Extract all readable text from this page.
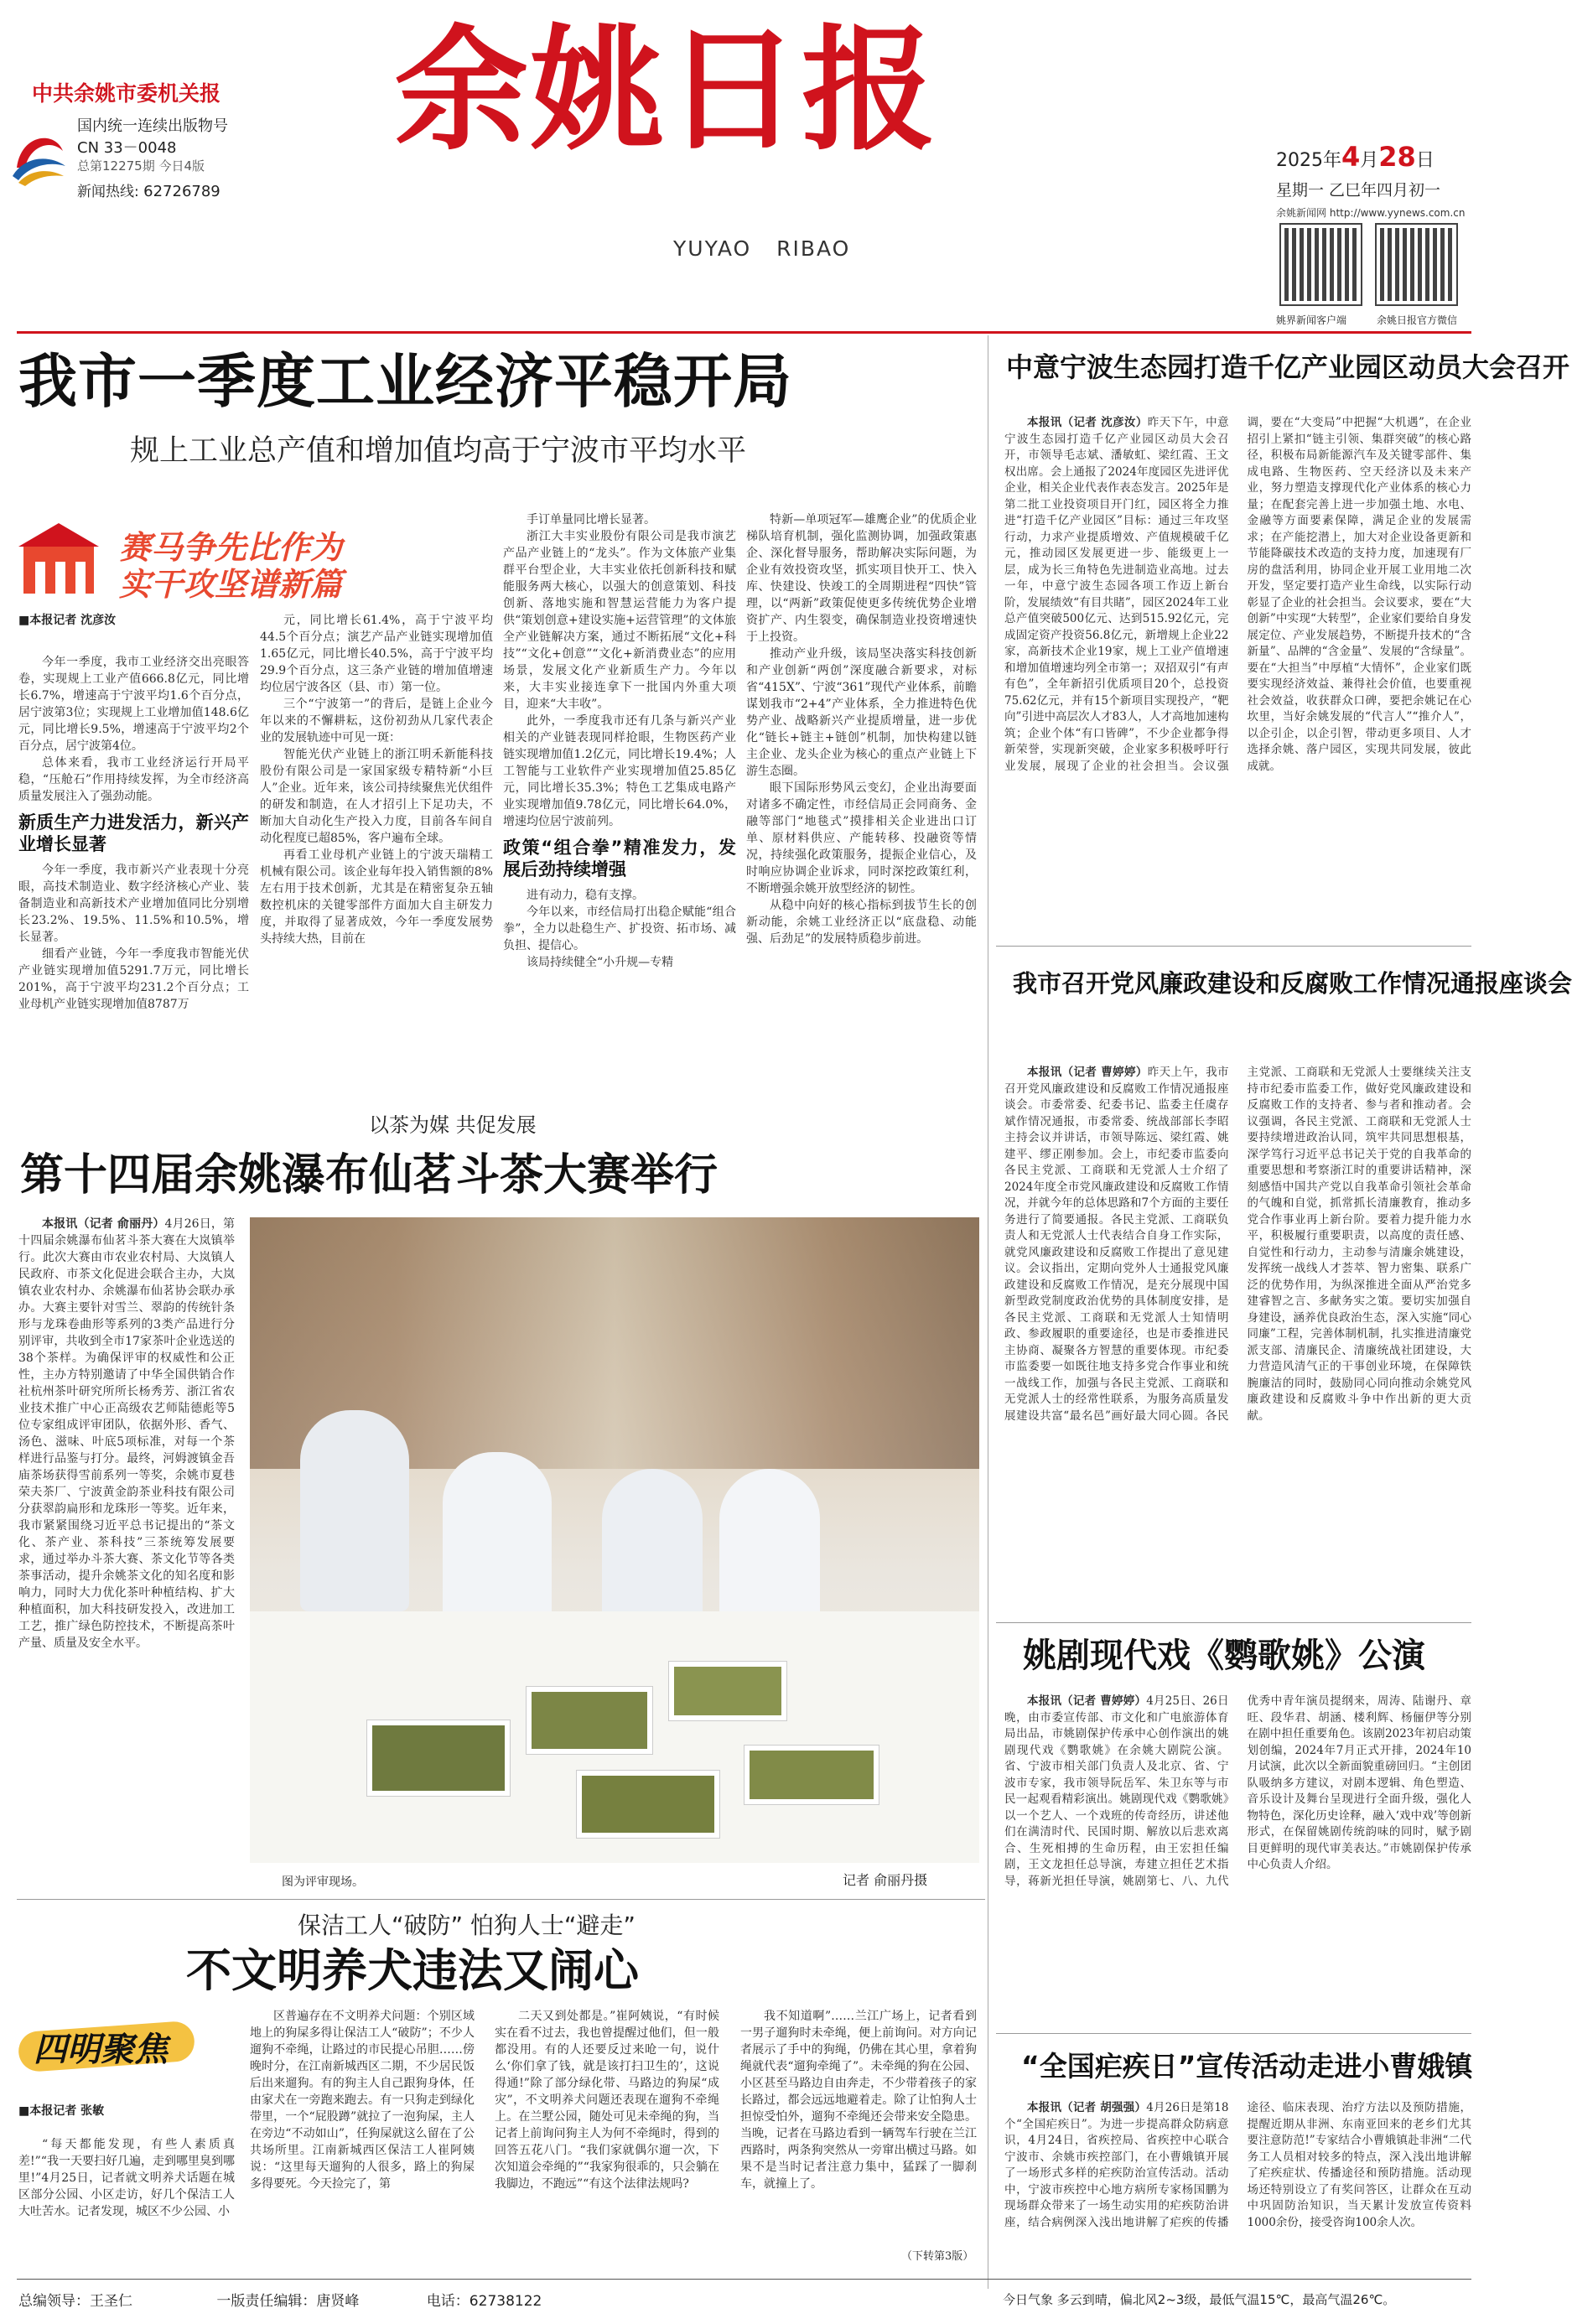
中共余姚市委机关报
国内统一连续出版物号
CN 33－0048
总第12275期 今日4版
新闻热线: 62726789
余姚日报
YUYAO   RIBAO
2025年4月28日
星期一 乙巳年四月初一
余姚新闻网 http://www.yynews.com.cn
姚界新闻客户端	余姚日报官方微信
我市一季度工业经济平稳开局
规上工业总产值和增加值均高于宁波市平均水平
赛马争先比作为
实干攻坚谱新篇
■本报记者 沈彦汝

今年一季度，我市工业经济交出亮眼答卷，实现规上工业产值666.8亿元，同比增长6.7%，增速高于宁波平均1.6个百分点，居宁波第3位；实现规上工业增加值148.6亿元，同比增长9.5%，增速高于宁波平均2个百分点，居宁波第4位。

总体来看，我市工业经济运行开局平稳，“压舱石”作用持续发挥，为全市经济高质量发展注入了强劲动能。

新质生产力进发活力，新兴产业增长显著

今年一季度，我市新兴产业表现十分亮眼，高技术制造业、数字经济核心产业、装备制造业和高新技术产业增加值同比分别增长23.2%、19.5%、11.5%和10.5%，增长显著。

细看产业链，今年一季度我市智能光伏产业链实现增加值5291.7万元，同比增长201%，高于宁波平均231.2个百分点；工业母机产业链实现增加值8787万

元，同比增长61.4%，高于宁波平均44.5个百分点；演艺产品产业链实现增加值1.65亿元，同比增长40.5%，高于宁波平均29.9个百分点，这三条产业链的增加值增速均位居宁波各区（县、市）第一位。

三个“宁波第一”的背后，是链上企业今年以来的不懈耕耘，这份初劲从几家代表企业的发展轨迹中可见一斑：

智能光伏产业链上的浙江明禾新能科技股份有限公司是一家国家级专精特新“小巨人”企业。近年来，该公司持续聚焦光伏组件的研发和制造，在人才招引上下足功夫，不断加大自动化生产投入力度，目前各车间自动化程度已超85%，客户遍布全球。

再看工业母机产业链上的宁波天瑞精工机械有限公司。该企业每年投入销售额的8%左右用于技术创新，尤其是在精密复杂五轴数控机床的关键零部件方面加大自主研发力度，并取得了显著成效，今年一季度发展势头持续大热，目前在

手订单量同比增长显著。

浙江大丰实业股份有限公司是我市演艺产品产业链上的“龙头”。作为文体旅产业集群平台型企业，大丰实业依托创新科技和赋能服务两大核心，以强大的创意策划、科技创新、落地实施和智慧运营能力为客户提供“策划创意+建设实施+运营管理”的文体旅全产业链解决方案，通过不断拓展“文化+科技”“文化+创意”“文化+新消费业态”的应用场景，发展文化产业新质生产力。今年以来，大丰实业接连拿下一批国内外重大项目，迎来“大丰收”。

此外，一季度我市还有几条与新兴产业相关的产业链表现同样抢眼，生物医药产业链实现增加值1.2亿元，同比增长19.4%；人工智能与工业软件产业实现增加值25.85亿元，同比增长35.3%；特色工艺集成电路产业实现增加值9.78亿元，同比增长64.0%，增速均位居宁波前列。

政策“组合拳”精准发力，发展后劲持续增强

进有动力，稳有支撑。

今年以来，市经信局打出稳企赋能“组合拳”，全力以赴稳生产、扩投资、拓市场、减负担、提信心。

该局持续健全“小升规—专精

特新—单项冠军—雄鹰企业”的优质企业梯队培育机制，强化监测协调，加强政策惠企、深化督导服务，帮助解决实际问题，为企业有效投资攻坚，抓实项目快开工、快入库、快建设、快竣工的全周期进程“四快”管理，以“两新”政策促使更多传统优势企业增资扩产、内生裂变，确保制造业投资增速快于上投资。

推动产业升级，该局坚决落实科技创新和产业创新“两创”深度融合新要求，对标省“415X”、宁波“361”现代产业体系，前瞻谋划我市“2+4”产业体系，全力推进特色优势产业、战略新兴产业提质增量，进一步优化“链长+链主+链创”机制，加快构建以链主企业、龙头企业为核心的重点产业链上下游生态圈。

眼下国际形势风云变幻，企业出海要面对诸多不确定性，市经信局正会同商务、金融等部门“地毯式”摸排相关企业进出口订单、原材料供应、产能转移、投融资等情况，持续强化政策服务，提振企业信心，及时响应协调企业诉求，同时深挖政策红利，不断增强余姚开放型经济的韧性。

从稳中向好的核心指标到拔节生长的创新动能，余姚工业经济正以“底盘稳、动能强、后劲足”的发展特质稳步前进。

以茶为媒 共促发展
第十四届余姚瀑布仙茗斗茶大赛举行

本报讯（记者 俞丽丹）4月26日，第十四届余姚瀑布仙茗斗茶大赛在大岚镇举行。此次大赛由市农业农村局、大岚镇人民政府、市茶文化促进会联合主办，大岚镇农业农村办、余姚瀑布仙茗协会联办承办。大赛主要针对雪兰、翠韵的传统针条形与龙珠卷曲形等系列的3类产品进行分别评审，共收到全市17家茶叶企业选送的38个茶样。为确保评审的权威性和公正性，主办方特别邀请了中华全国供销合作社杭州茶叶研究所所长杨秀芳、浙江省农业技术推广中心正高级农艺师陆德彪等5位专家组成评审团队，依据外形、香气、汤色、滋味、叶底5项标准，对每一个茶样进行品鉴与打分。最终，河姆渡镇金吾庙茶场获得雪前系列一等奖，余姚市夏巷荣夫茶厂、宁波黄金韵茶业科技有限公司分获翠韵扁形和龙珠形一等奖。近年来，我市紧紧围绕习近平总书记提出的“茶文化、茶产业、茶科技”三茶统筹发展要求，通过举办斗茶大赛、茶文化节等各类茶事活动，提升余姚茶文化的知名度和影响力，同时大力优化茶叶种植结构、扩大种植面积，加大科技研发投入，改进加工工艺，推广绿色防控技术，不断提高茶叶产量、质量及安全水平。

图为评审现场。	记者 俞丽丹摄
保洁工人“破防” 怕狗人士“避走”
不文明养犬违法又闹心
四明聚焦
■本报记者 张敏

“每天都能发现，有些人素质真差!”“我一天要扫好几遍，走到哪里臭到哪里!”4月25日，记者就文明养犬话题在城区部分公园、小区走访，好几个保洁工人大吐苦水。记者发现，城区不少公园、小

区普遍存在不文明养犬问题：个别区域地上的狗屎多得让保洁工人“破防”；不少人遛狗不牵绳，让路过的市民提心吊胆……傍晚时分，在江南新城西区二期，不少居民饭后出来遛狗。有的狗主人自己跟狗身体，任由家犬在一旁跑来跑去。有一只狗走到绿化带里，一个“屁股蹲”就拉了一泡狗屎，主人在旁边“不动如山”，任狗屎就这么留在了公共场所里。江南新城西区保洁工人崔阿姨说：“这里每天遛狗的人很多，路上的狗屎多得要死。今天捡完了，第

二天又到处都是。”崔阿姨说，“有时候实在看不过去，我也曾提醒过他们，但一般都没用。有的人还要反过来呛一句，说什么‘你们拿了钱，就是该打扫卫生的’，这说得通!”除了部分绿化带、马路边的狗屎“成灾”，不文明养犬问题还表现在遛狗不牵绳上。在兰墅公园，随处可见未牵绳的狗，当记者上前询问狗主人为何不牵绳时，得到的回答五花八门。“我们家就偶尔遛一次，下次知道会牵绳的”“我家狗很乖的，只会躺在我脚边，不跑远”“有这个法律法规吗?

我不知道啊”……兰江广场上，记者看到一男子遛狗时未牵绳，便上前询问。对方向记者展示了手中的狗绳，仍佛在其心里，拿着狗绳就代表“遛狗牵绳了”。未牵绳的狗在公园、小区甚至马路边自由奔走，不少带着孩子的家长路过，都会远远地避着走。除了让怕狗人士担惊受怕外，遛狗不牵绳还会带来安全隐患。当晚，记者在马路边看到一辆驾车行驶在兰江西路时，两条狗突然从一旁窜出横过马路。如果不是当时记者注意力集中，猛踩了一脚刹车，就撞上了。

（下转第3版）
中意宁波生态园打造千亿产业园区动员大会召开

本报讯（记者 沈彦汝）昨天下午，中意宁波生态园打造千亿产业园区动员大会召开，市领导毛志斌、潘敏虹、梁红霞、王文权出席。会上通报了2024年度园区先进评优企业，相关企业代表作表态发言。2025年是第二批工业投资项目开门红，园区将全力推进“打造千亿产业园区”目标：通过三年攻坚行动，力求产业提质增效、产值规模破千亿元，推动园区发展更进一步、能级更上一层，成为长三角特色先进制造业高地。过去一年，中意宁波生态园各项工作迈上新台阶，发展绩效“有目共睹”，园区2024年工业总产值突破500亿元、达到515.92亿元，完成固定资产投资56.8亿元，新增规上企业22家，高新技术企业19家，规上工业产值增速和增加值增速均列全市第一；双招双引“有声有色”，全年新招引优质项目20个，总投资75.62亿元，并有15个新项目实现投产，“靶向”引进中高层次人才83人，人才高地加速构筑；企业个体“有口皆碑”，不少企业都争得新荣誉，实现新突破，企业家多积极呼吁行业发展，展现了企业的社会担当。会议强调，要在“大变局”中把握“大机遇”，在企业招引上紧扣“链主引领、集群突破”的核心路径，积极布局新能源汽车及关键零部件、集成电路、生物医药、空天经济以及未来产业，努力塑造支撑现代化产业体系的核心力量；在配套完善上进一步加强土地、水电、金融等方面要素保障，满足企业的发展需求；在产能挖潜上，加大对企业设备更新和节能降碳技术改造的支持力度，加速现有厂房的盘活利用，协同企业开展工业用地二次开发，坚定要打造产业生命线，以实际行动彰显了企业的社会担当。会议要求，要在“大创新”中实现“大转型”，企业家们要给自身发展定位、产业发展趋势，不断提升技术的“含新量”、品牌的“含金量”、发展的“含绿量”。要在“大担当”中厚植“大情怀”，企业家们既要实现经济效益、兼得社会价值，也要重视社会效益，收获群众口碑，要把余姚记在心坎里，当好余姚发展的“代言人”“推介人”，以企引企，以企引智，带动更多项目、人才选择余姚、落户园区，实现共同发展，彼此成就。

我市召开党风廉政建设和反腐败工作情况通报座谈会

本报讯（记者 曹婷婷）昨天上午，我市召开党风廉政建设和反腐败工作情况通报座谈会。市委常委、纪委书记、监委主任虞存斌作情况通报，市委常委、统战部部长李昭主持会议并讲话，市领导陈远、梁红霞、姚建平、缪正刚参加。会上，市纪委市监委向各民主党派、工商联和无党派人士介绍了2024年度全市党风廉政建设和反腐败工作情况，并就今年的总体思路和7个方面的主要任务进行了简要通报。各民主党派、工商联负责人和无党派人士代表结合自身工作实际，就党风廉政建设和反腐败工作提出了意见建议。会议指出，定期向党外人士通报党风廉政建设和反腐败工作情况，是充分展现中国新型政党制度政治优势的具体制度安排，是各民主党派、工商联和无党派人士知情明政、参政履职的重要途径，也是市委推进民主协商、凝聚各方智慧的重要体现。市纪委市监委要一如既往地支持多党合作事业和统一战线工作，加强与各民主党派、工商联和无党派人士的经常性联系，为服务高质量发展建设共富“最名邑”画好最大同心圆。各民主党派、工商联和无党派人士要继续关注支持市纪委市监委工作，做好党风廉政建设和反腐败工作的支持者、参与者和推动者。会议强调，各民主党派、工商联和无党派人士要持续增进政治认同，筑牢共同思想根基，深学笃行习近平总书记关于党的自我革命的重要思想和考察浙江时的重要讲话精神，深刻感悟中国共产党以自我革命引领社会革命的气魄和自觉，抓常抓长清廉教育，推动多党合作事业再上新台阶。要着力提升能力水平，积极履行重要职责，以高度的责任感、自觉性和行动力，主动参与清廉余姚建设，发挥统一战线人才荟萃、智力密集、联系广泛的优势作用，为纵深推进全面从严治党多建睿智之言、多献务实之策。要切实加强自身建设，涵养优良政治生态，深入实施“同心同廉”工程，完善体制机制，扎实推进清廉党派支部、清廉民企、清廉统战社团建设，大力营造风清气正的干事创业环境，在保障铁腕廉洁的同时，鼓励同心同向推动余姚党风廉政建设和反腐败斗争中作出新的更大贡献。

姚剧现代戏《鹦歌姚》公演

本报讯（记者 曹婷婷）4月25日、26日晚，由市委宣传部、市文化和广电旅游体育局出品，市姚剧保护传承中心创作演出的姚剧现代戏《鹦歌姚》在余姚大剧院公演。省、宁波市相关部门负责人及北京、省、宁波市专家，我市领导阮岳军、朱卫东等与市民一起观看精彩演出。姚剧现代戏《鹦歌姚》以一个艺人、一个戏班的传奇经历，讲述他们在满清时代、民国时期、解放以后悲欢离合、生死相搏的生命历程，由王宏担任编剧，王文龙担任总导演，寿建立担任艺术指导，蒋新光担任导演，姚剧第七、八、九代优秀中青年演员提纲来，周涛、陆谢丹、章旺、段华君、胡涵、楼利辉、杨俪伊等分别在剧中担任重要角色。该剧2023年初启动策划创编，2024年7月正式开排，2024年10月试演，此次以全新面貌重磅回归。“主创团队吸纳多方建议，对剧本逻辑、角色塑造、音乐设计及舞台呈现进行全面升级，强化人物特色，深化历史诠释，融入‘戏中戏’等创新形式，在保留姚剧传统韵味的同时，赋予剧目更鲜明的现代审美表达。”市姚剧保护传承中心负责人介绍。

“全国疟疾日”宣传活动走进小曹娥镇

本报讯（记者 胡强强）4月26日是第18个“全国疟疾日”。为进一步提高群众防病意识，4月24日，省疾控局、省疾控中心联合宁波市、余姚市疾控部门，在小曹娥镇开展了一场形式多样的疟疾防治宣传活动。活动中，宁波市疾控中心地方病所专家杨国鹏为现场群众带来了一场生动实用的疟疾防治讲座，结合病例深入浅出地讲解了疟疾的传播途径、临床表现、治疗方法以及预防措施，提醒近期从非洲、东南亚回来的老乡们尤其要注意防范!”专家结合小曹娥镇赴非洲“二代务工人员相对较多的特点，深入浅出地讲解了疟疾症状、传播途径和预防措施。活动现场还特别设立了有奖问答区，让群众在互动中巩固防治知识，当天累计发放宣传资料1000余份，接受咨询100余人次。

总编领导：王圣仁	一版责任编辑：唐贤峰	电话：62738122	今日气象 多云到晴，偏北风2~3级，最低气温15℃，最高气温26℃。
